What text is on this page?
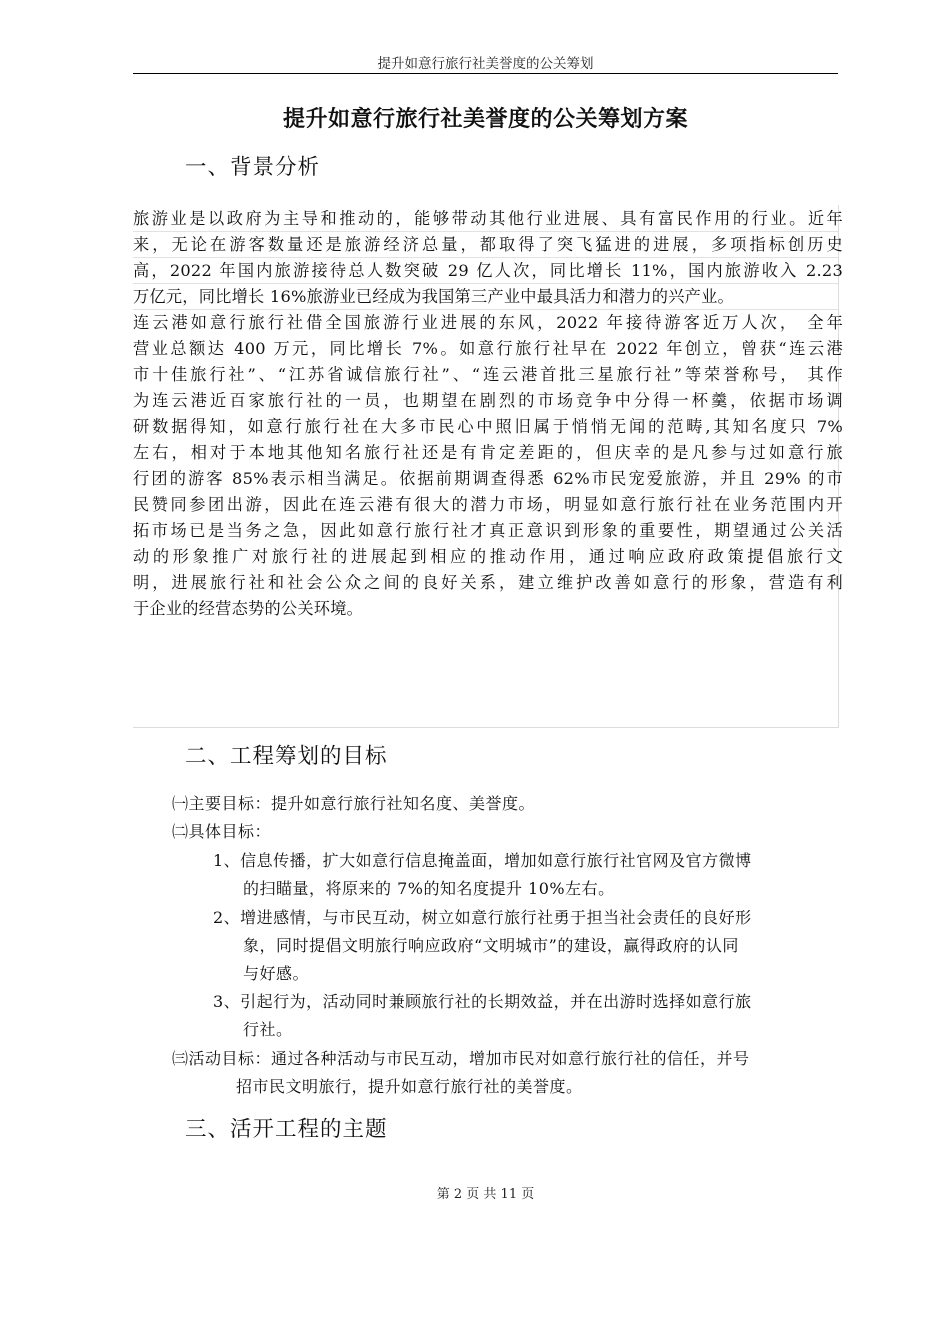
提升如意行旅行社美誉度的公关筹划
提升如意行旅行社美誉度的公关筹划方案
一、背景分析
旅游业是以政府为主导和推动的，能够带动其他行业进展、具有富民作用的行业。近年
来，无论在游客数量还是旅游经济总量，都取得了突飞猛进的进展，多项指标创历史
高，2022 年国内旅游接待总人数突破 29 亿人次，同比增长 11%，国内旅游收入 2.23
万亿元，同比增长 16%旅游业已经成为我国第三产业中最具活力和潜力的兴产业。
连云港如意行旅行社借全国旅游行业进展的东风，2022 年接待游客近万人次， 全年
营业总额达 400 万元，同比增长 7%。如意行旅行社早在 2022 年创立，曾获“连云港
市十佳旅行社”、“江苏省诚信旅行社”、“连云港首批三星旅行社”等荣誉称号， 其作
为连云港近百家旅行社的一员，也期望在剧烈的市场竞争中分得一杯羹，依据市场调
研数据得知，如意行旅行社在大多市民心中照旧属于悄悄无闻的范畴,其知名度只 7%
左右，相对于本地其他知名旅行社还是有肯定差距的，但庆幸的是凡参与过如意行旅
行团的游客 85%表示相当满足。依据前期调查得悉 62%市民宠爱旅游，并且 29% 的市
民赞同参团出游，因此在连云港有很大的潜力市场，明显如意行旅行社在业务范围内开
拓市场已是当务之急，因此如意行旅行社才真正意识到形象的重要性，期望通过公关活
动的形象推广对旅行社的进展起到相应的推动作用，通过响应政府政策提倡旅行文
明，进展旅行社和社会公众之间的良好关系，建立维护改善如意行的形象，营造有利
于企业的经营态势的公关环境。
二、工程筹划的目标
㈠主要目标：提升如意行旅行社知名度、美誉度。
㈡具体目标：
1、信息传播，扩大如意行信息掩盖面，增加如意行旅行社官网及官方微博
的扫瞄量，将原来的 7%的知名度提升 10%左右。
2、增进感情，与市民互动，树立如意行旅行社勇于担当社会责任的良好形
象，同时提倡文明旅行响应政府“文明城市”的建设，赢得政府的认同
与好感。
3、引起行为，活动同时兼顾旅行社的长期效益，并在出游时选择如意行旅
行社。
㈢活动目标：通过各种活动与市民互动，增加市民对如意行旅行社的信任，并号
招市民文明旅行，提升如意行旅行社的美誉度。
三、活开工程的主题
第 2 页 共 11 页
